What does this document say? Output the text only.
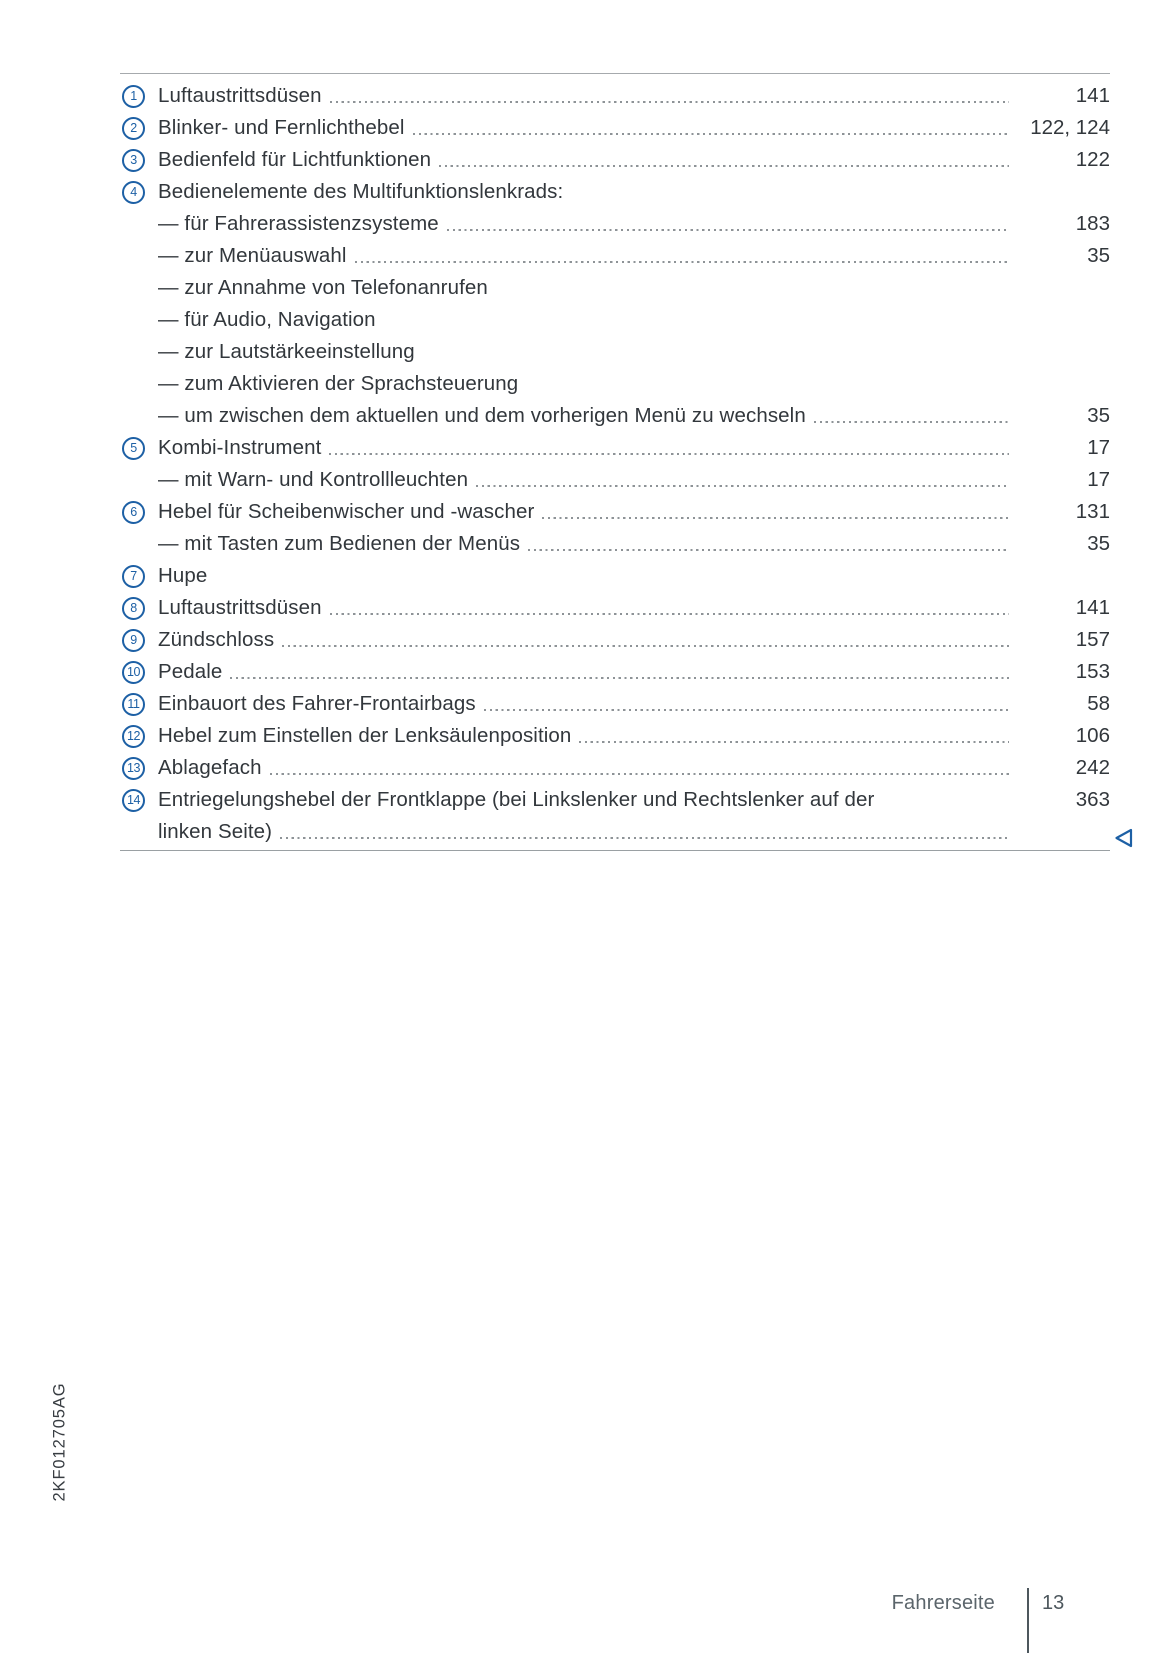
1	Luftaustrittsdüsen	141
2	Blinker- und Fernlichthebel	122, 124
3	Bedienfeld für Lichtfunktionen	122
4	Bedienelemente des Multifunktionslenkrads:
— für Fahrerassistenzsysteme	183
— zur Menüauswahl	35
— zur Annahme von Telefonanrufen
— für Audio, Navigation
— zur Lautstärkeeinstellung
— zum Aktivieren der Sprachsteuerung
— um zwischen dem aktuellen und dem vorherigen Menü zu wechseln	35
5	Kombi-Instrument	17
— mit Warn- und Kontrollleuchten	17
6	Hebel für Scheibenwischer und -wascher	131
— mit Tasten zum Bedienen der Menüs	35
7	Hupe
8	Luftaustrittsdüsen	141
9	Zündschloss	157
10 Pedale	153
11 Einbauort des Fahrer-Frontairbags	58
12 Hebel zum Einstellen der Lenksäulenposition	106
13 Ablagefach	242
14 Entriegelungshebel der Frontklappe (bei Linkslenker und Rechtslenker auf der	363
linken Seite)
2KF012705AG
Fahrerseite 13
